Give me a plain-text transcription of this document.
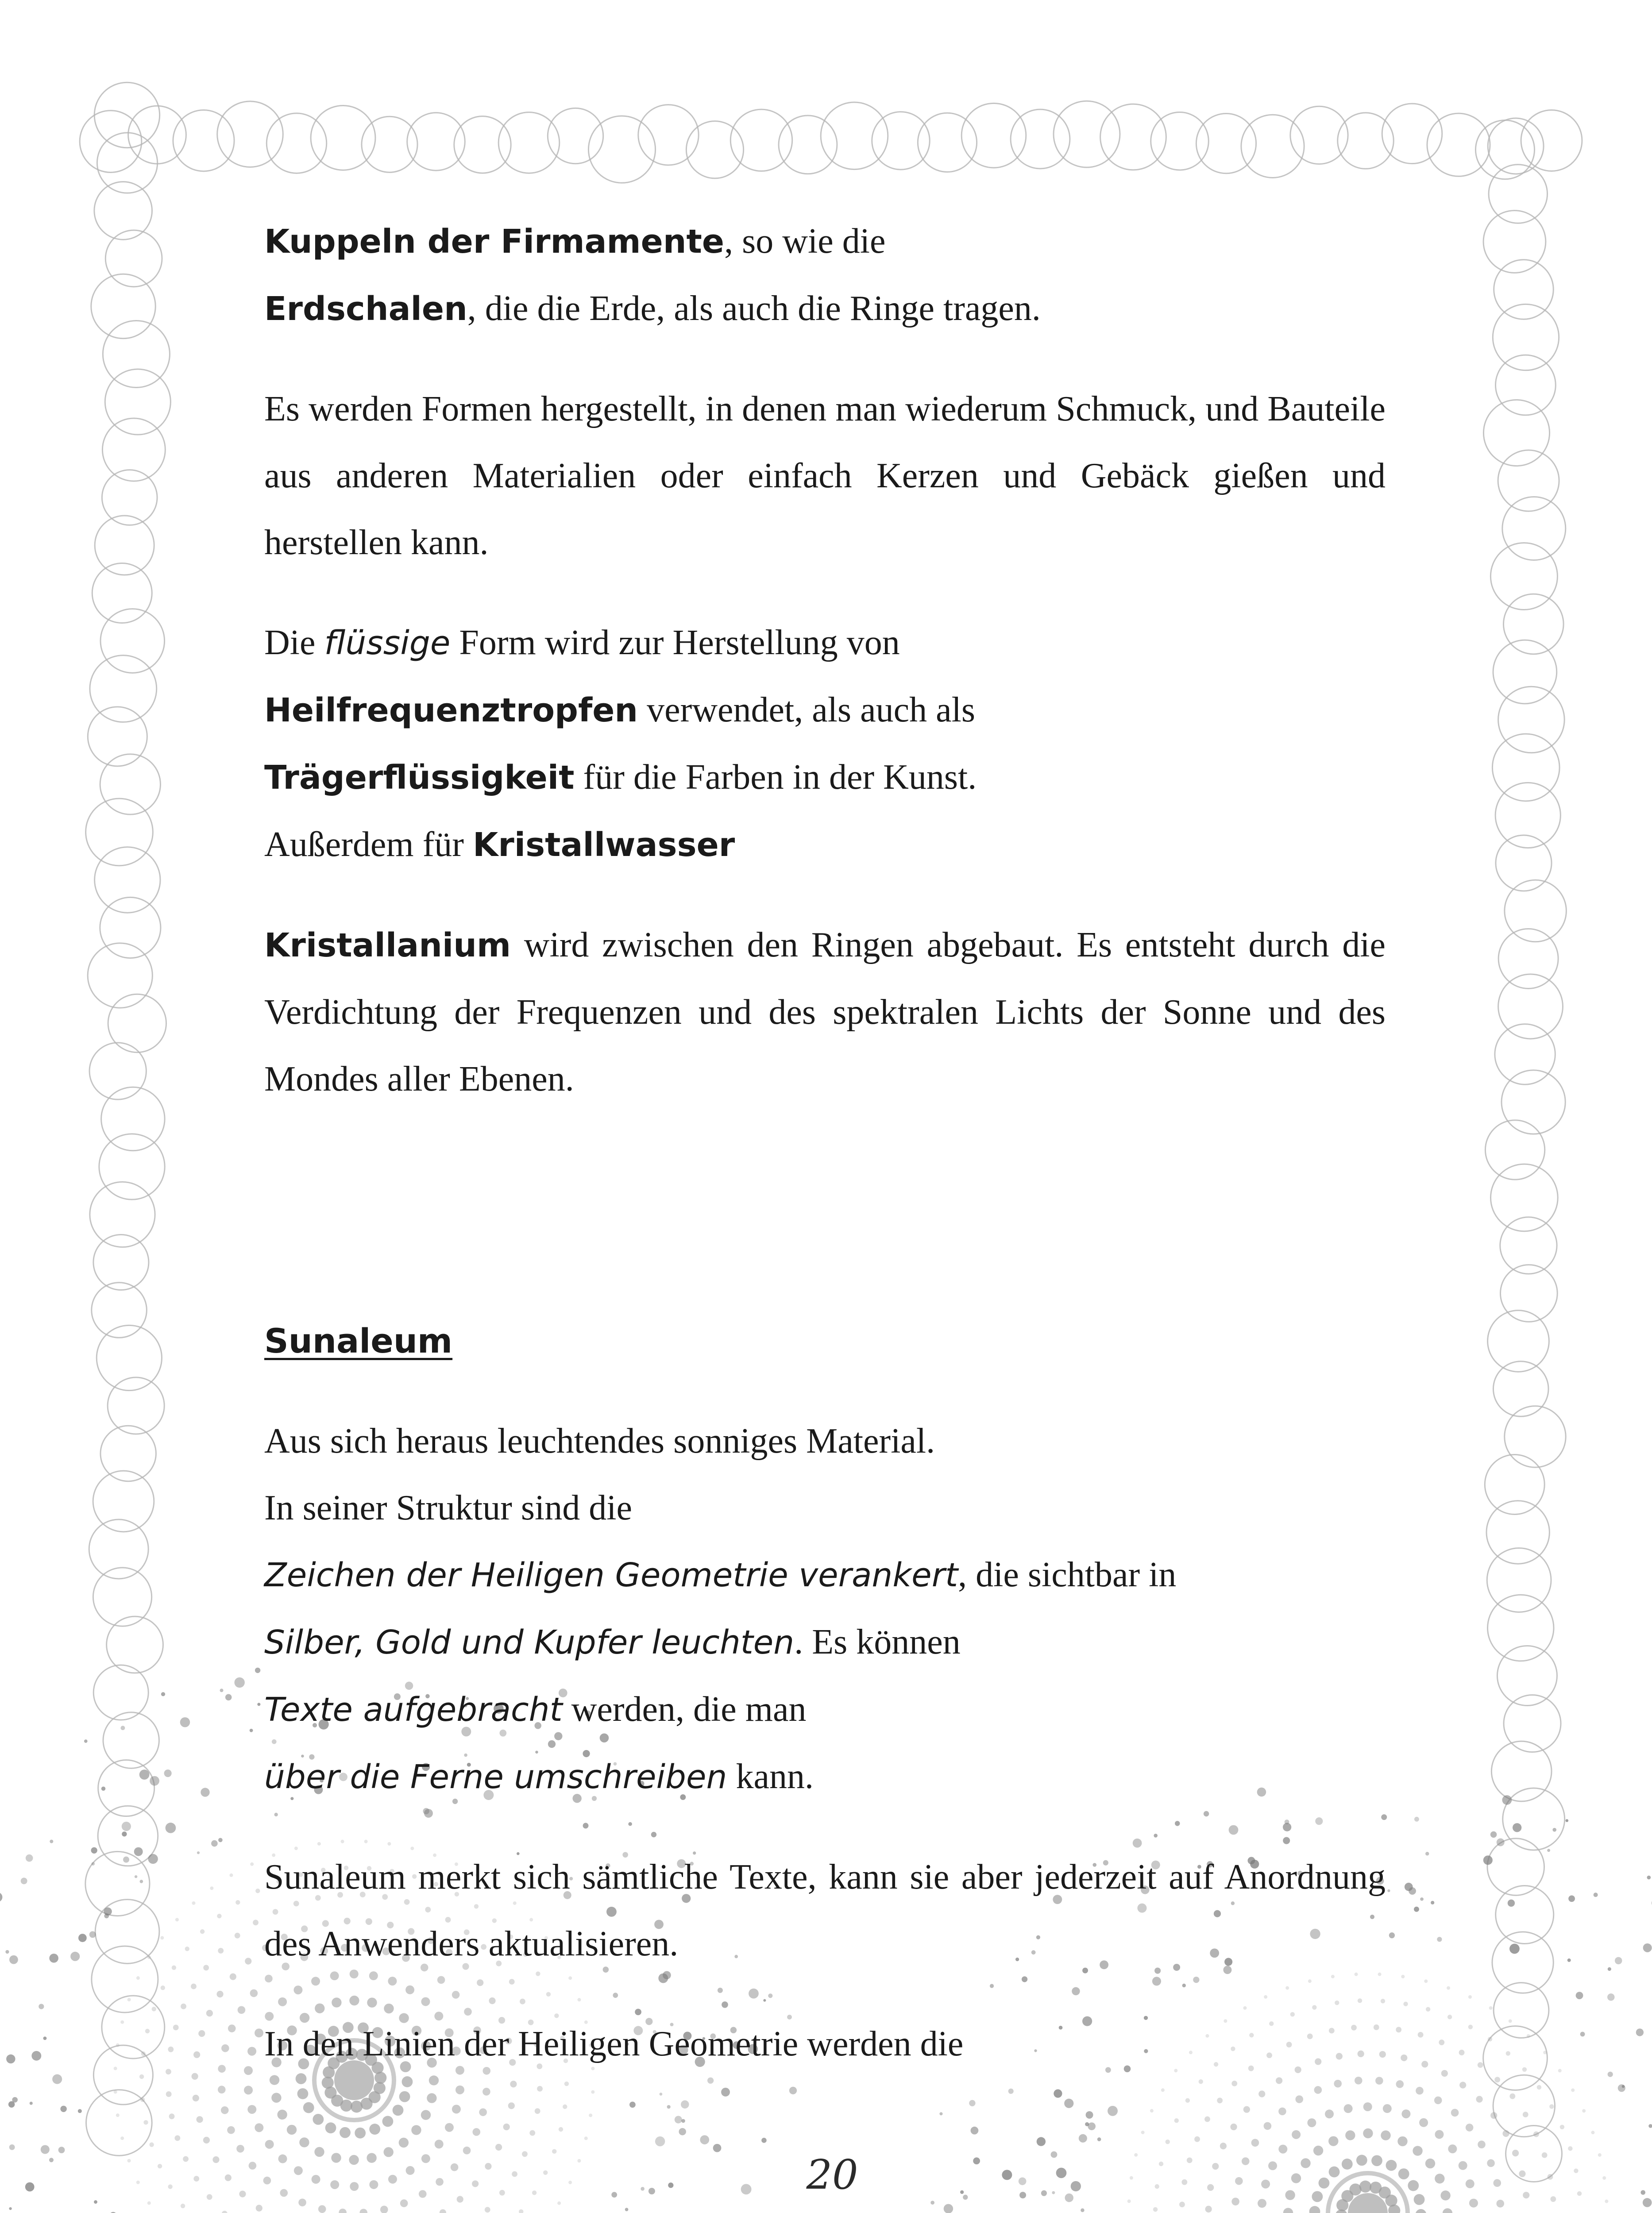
Kuppeln der Firmamente, so wie die
Erdschalen, die die Erde, als auch die Ringe tragen.

Es werden Formen hergestellt, in denen man wiederum Schmuck, und Bauteile aus anderen Materialien oder einfach Kerzen und Gebäck gießen und herstellen kann.

Die flüssige Form wird zur Herstellung von
Heilfrequenztropfen verwendet, als auch als
Trägerflüssigkeit für die Farben in der Kunst.
Außerdem für Kristallwasser

Kristallanium wird zwischen den Ringen abgebaut. Es entsteht durch die Verdichtung der Frequenzen und des spektralen Lichts der Sonne und des Mondes aller Ebenen.

Sunaleum

Aus sich heraus leuchtendes sonniges Material.
In seiner Struktur sind die
Zeichen der Heiligen Geometrie verankert, die sichtbar in
Silber, Gold und Kupfer leuchten. Es können
Texte aufgebracht werden, die man
über die Ferne umschreiben kann.

Sunaleum merkt sich sämtliche Texte, kann sie aber jederzeit auf Anordnung des Anwenders aktualisieren.

In den Linien der Heiligen Geometrie werden die

20
